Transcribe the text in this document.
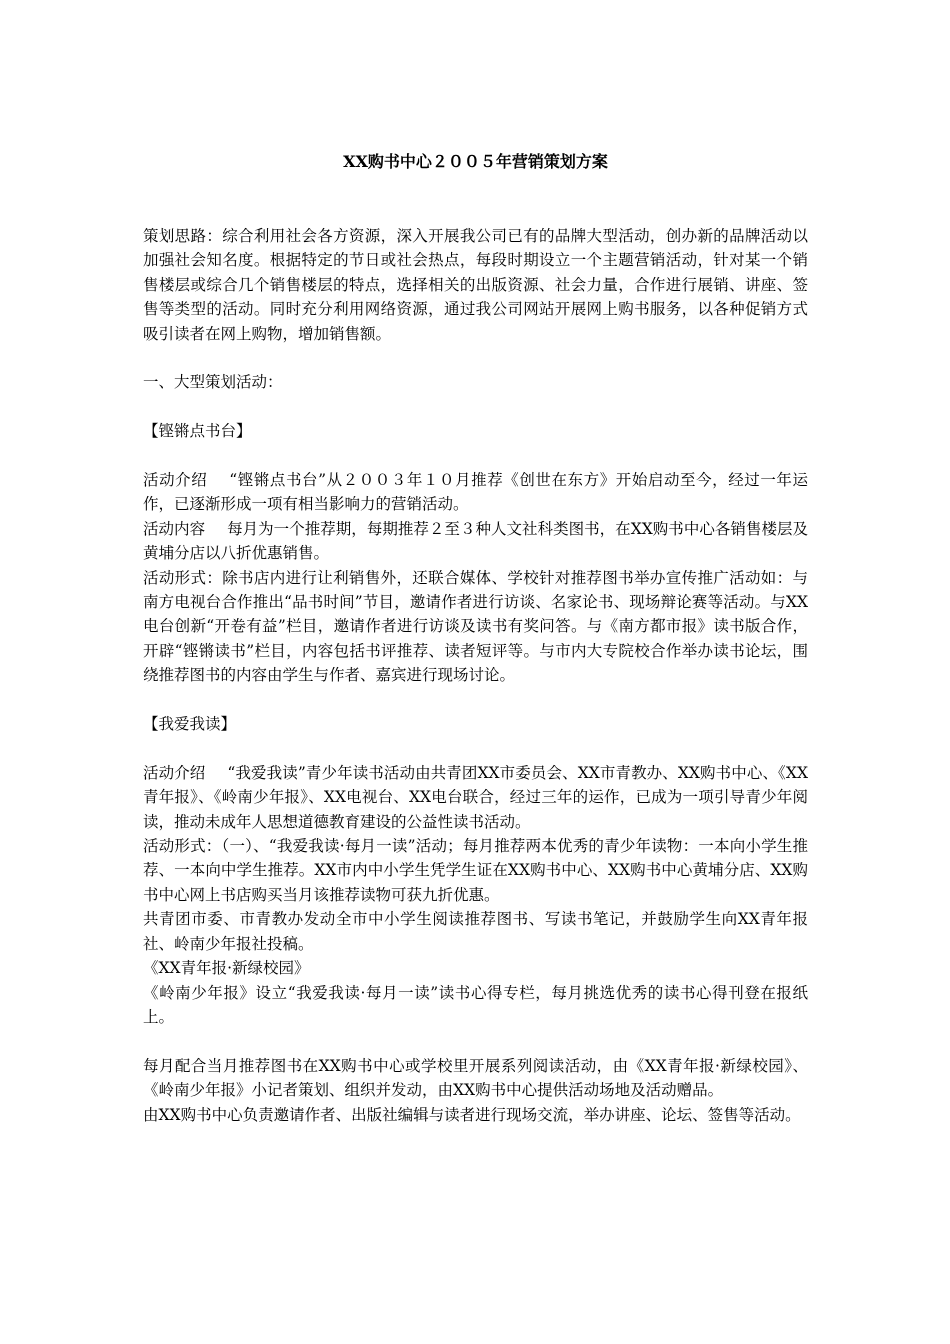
XX购书中心２００５年营销策划方案

策划思路：综合利用社会各方资源，深入开展我公司已有的品牌大型活动，创办新的品牌活动以加强社会知名度。根据特定的节日或社会热点，每段时期设立一个主题营销活动，针对某一个销售楼层或综合几个销售楼层的特点，选择相关的出版资源、社会力量，合作进行展销、讲座、签售等类型的活动。同时充分利用网络资源，通过我公司网站开展网上购书服务，以各种促销方式吸引读者在网上购物，增加销售额。

一、大型策划活动：

【铿锵点书台】

活动介绍 “铿锵点书台”从２００３年１０月推荐《创世在东方》开始启动至今，经过一年运作，已逐渐形成一项有相当影响力的营销活动。

活动内容 每月为一个推荐期，每期推荐２至３种人文社科类图书，在XX购书中心各销售楼层及黄埔分店以八折优惠销售。

活动形式：除书店内进行让利销售外，还联合媒体、学校针对推荐图书举办宣传推广活动如：与南方电视台合作推出“品书时间”节目，邀请作者进行访谈、名家论书、现场辩论赛等活动。与XX电台创新“开卷有益”栏目，邀请作者进行访谈及读书有奖问答。与《南方都市报》读书版合作，开辟“铿锵读书”栏目，内容包括书评推荐、读者短评等。与市内大专院校合作举办读书论坛，围绕推荐图书的内容由学生与作者、嘉宾进行现场讨论。

【我爱我读】

活动介绍 “我爱我读”青少年读书活动由共青团XX市委员会、XX市青教办、XX购书中心、《XX青年报》、《岭南少年报》、XX电视台、XX电台联合，经过三年的运作，已成为一项引导青少年阅读，推动未成年人思想道德教育建设的公益性读书活动。

活动形式：（一）、“我爱我读·每月一读”活动；每月推荐两本优秀的青少年读物：一本向小学生推荐、一本向中学生推荐。XX市内中小学生凭学生证在XX购书中心、XX购书中心黄埔分店、XX购书中心网上书店购买当月该推荐读物可获九折优惠。

共青团市委、市青教办发动全市中小学生阅读推荐图书、写读书笔记，并鼓励学生向XX青年报社、岭南少年报社投稿。

《XX青年报·新绿校园》

《岭南少年报》设立“我爱我读·每月一读”读书心得专栏，每月挑选优秀的读书心得刊登在报纸上。

每月配合当月推荐图书在XX购书中心或学校里开展系列阅读活动，由《XX青年报·新绿校园》、《岭南少年报》小记者策划、组织并发动，由XX购书中心提供活动场地及活动赠品。

由XX购书中心负责邀请作者、出版社编辑与读者进行现场交流，举办讲座、论坛、签售等活动。
